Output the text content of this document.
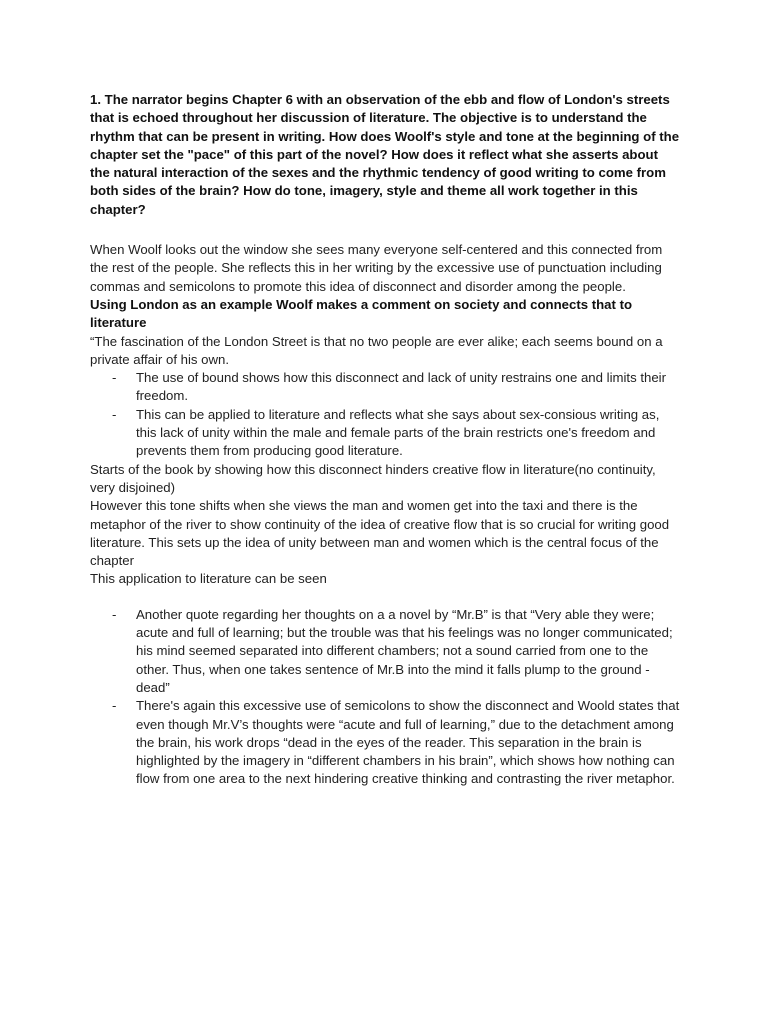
1. The narrator begins Chapter 6 with an observation of the ebb and flow of London's streets that is echoed throughout her discussion of literature. The objective is to understand the rhythm that can be present in writing. How does Woolf's style and tone at the beginning of the chapter set the "pace" of this part of the novel? How does it reflect what she asserts about the natural interaction of the sexes and the rhythmic tendency of good writing to come from both sides of the brain? How do tone, imagery, style and theme all work together in this chapter?

When Woolf looks out the window she sees many everyone self-centered and this connected from the rest of the people. She reflects this in her writing by the excessive use of punctuation including commas and semicolons to promote this idea of disconnect and disorder among the people.

Using London as an example Woolf makes a comment on society and connects that to literature

“The fascination of the London Street is that no two people are ever alike; each seems bound on a private affair of his own.

- The use of bound shows how this disconnect and lack of unity restrains one and limits their freedom.
- This can be applied to literature and reflects what she says about sex-consious writing as, this lack of unity within the male and female parts of the brain restricts one's freedom and prevents them from producing good literature.

Starts of the book by showing how this disconnect hinders creative flow in literature(no continuity, very disjoined)

However this tone shifts when she views the man and women get into the taxi and there is the metaphor of the river to show continuity of the idea of creative flow that is so crucial for writing good literature. This sets up the idea of unity between man and women which is the central focus of the chapter

This application to literature can be seen

- Another quote regarding her thoughts on a a novel by “Mr.B” is that “Very able they were; acute and full of learning; but the trouble was that his feelings was no longer communicated; his mind seemed separated into different chambers; not a sound carried from one to the other. Thus, when one takes sentence of Mr.B into the mind it falls plump to the ground - dead”
- There's again this excessive use of semicolons to show the disconnect and Woold states that even though Mr.V’s thoughts were “acute and full of learning,” due to the detachment among the brain, his work drops “dead in the eyes of the reader. This separation in the brain is highlighted by the imagery in “different chambers in his brain”, which shows how nothing can flow from one area to the next hindering creative thinking and contrasting the river metaphor.
